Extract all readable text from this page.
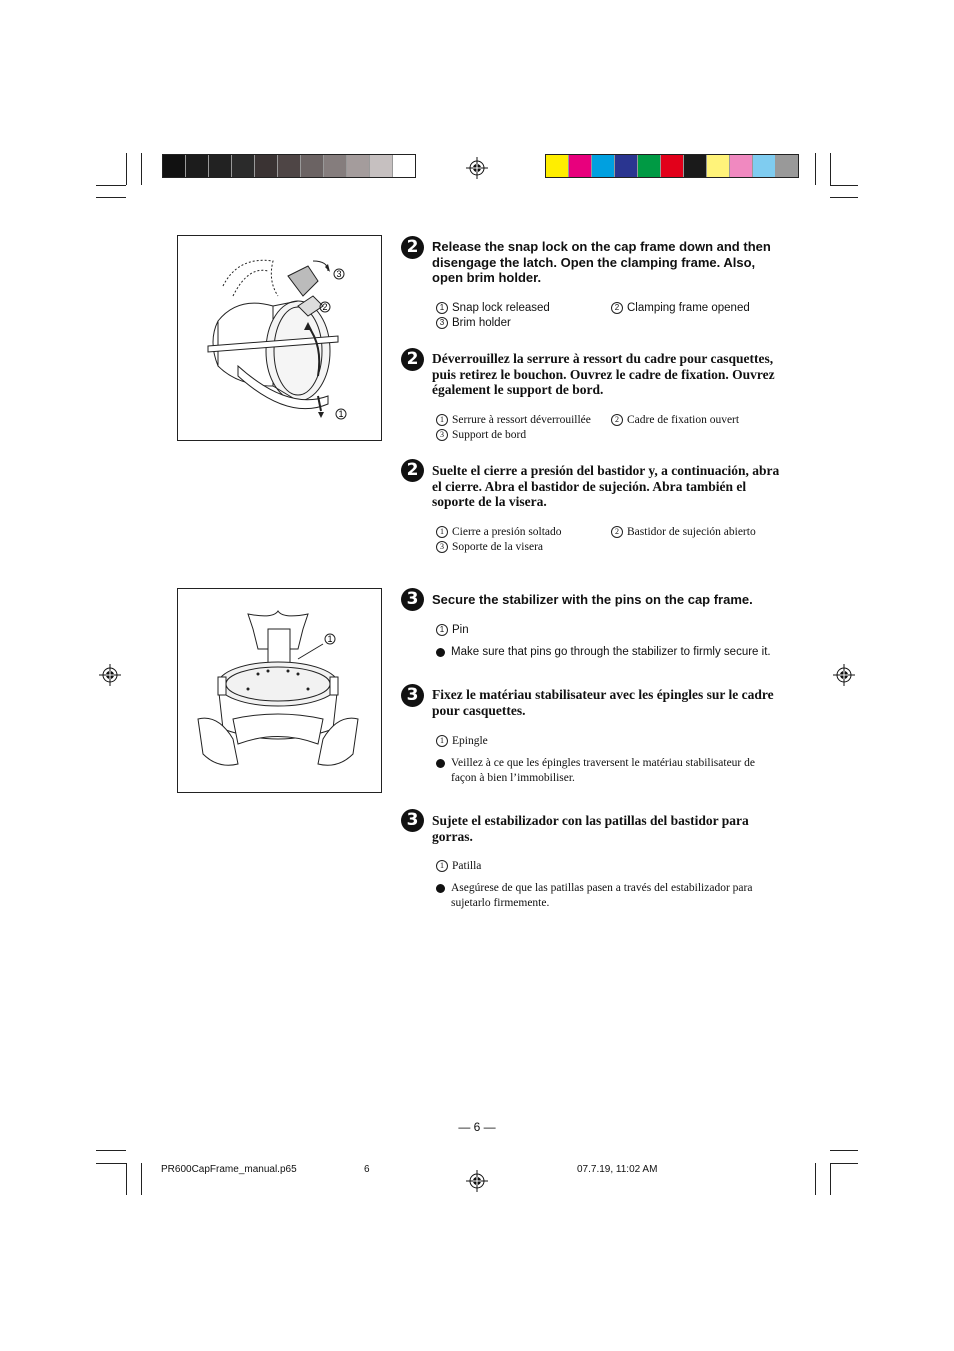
3
2
1
1
2	Release the snap lock on the cap frame down and then disengage the latch. Open the clamping frame. Also, open brim holder.
1 Snap lock released	2 Clamping frame opened
3 Brim holder
2	Déverrouillez la serrure à ressort du cadre pour casquettes, puis retirez le bouchon. Ouvrez le cadre de fixation. Ouvrez également le support de bord.
1 Serrure à ressort déverrouillée	2 Cadre de fixation ouvert
3 Support de bord
2	Suelte el cierre a presión del bastidor y, a continuación, abra el cierre. Abra el bastidor de sujeción. Abra también el soporte de la visera.
1 Cierre a presión soltado	2 Bastidor de sujeción abierto
3 Soporte de la visera
3	Secure the stabilizer with the pins on the cap frame.
1 Pin
Make sure that pins go through the stabilizer to firmly secure it.
3	Fixez le matériau stabilisateur avec les épingles sur le cadre pour casquettes.
1 Epingle
Veillez à ce que les épingles traversent le matériau stabilisateur de façon à bien l’immobiliser.
3	Sujete el estabilizador con las patillas del bastidor para gorras.
1 Patilla
Asegúrese de que las patillas pasen a través del estabilizador para sujetarlo firmemente.
— 6 —
PR600CapFrame_manual.p65	6	07.7.19, 11:02 AM
